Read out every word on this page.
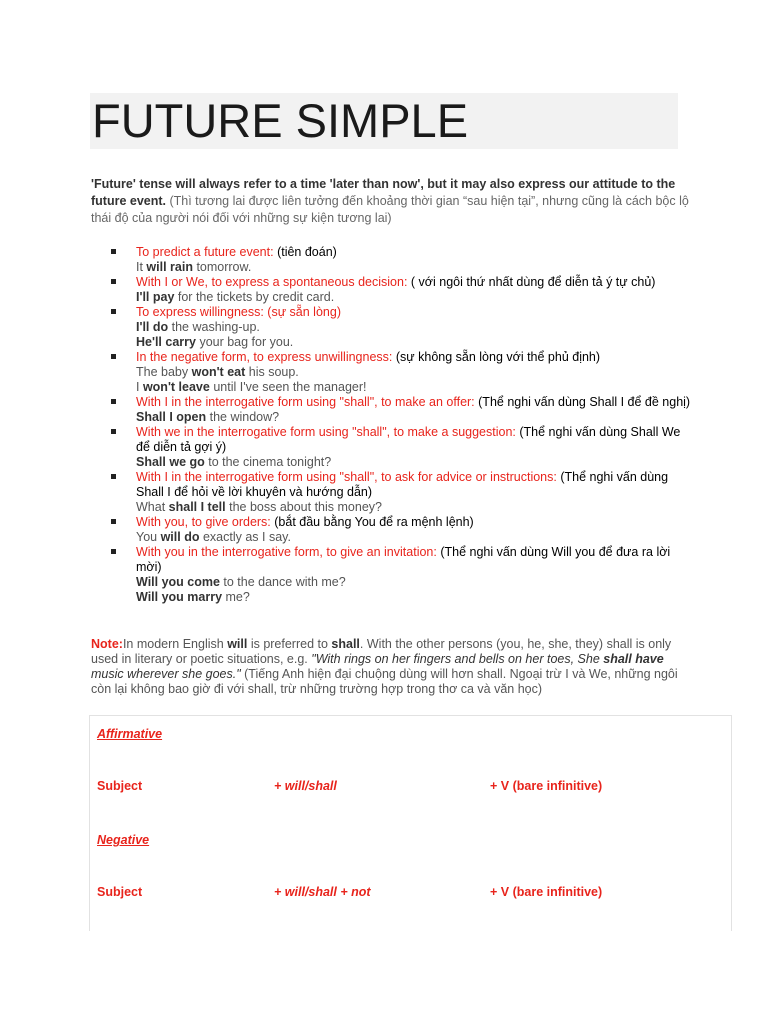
FUTURE SIMPLE

'Future' tense will always refer to a time 'later than now', but it may also express our attitude to the future event. (Thì tương lai được liên tưởng đến khoảng thời gian “sau hiện tại”, nhưng cũng là cách bộc lộ thái độ của người nói đối với những sự kiện tương lai)

To predict a future event: (tiên đoán)
It will rain tomorrow.
With I or We, to express a spontaneous decision: ( với ngôi thứ nhất dùng để diễn tả ý tự chủ)
I'll pay for the tickets by credit card.
To express willingness: (sự sẵn lòng)
I'll do the washing-up.
He'll carry your bag for you.
In the negative form, to express unwillingness: (sự không sẵn lòng với thể phủ định)
The baby won't eat his soup.
I won't leave until I've seen the manager!
With I in the interrogative form using "shall", to make an offer: (Thể nghi vấn dùng Shall I để đề nghị)
Shall I open the window?
With we in the interrogative form using "shall", to make a suggestion: (Thể nghi vấn dùng Shall We để diễn tả gợi ý)
Shall we go to the cinema tonight?
With I in the interrogative form using "shall", to ask for advice or instructions: (Thể nghi vấn dùng Shall I để hỏi về lời khuyên và hướng dẫn)
What shall I tell the boss about this money?
With you, to give orders: (bắt đầu bằng You để ra mệnh lệnh)
You will do exactly as I say.
With you in the interrogative form, to give an invitation: (Thể nghi vấn dùng Will you để đưa ra lời mời)
Will you come to the dance with me?
Will you marry me?

Note:In modern English will is preferred to shall. With the other persons (you, he, she, they) shall is only used in literary or poetic situations, e.g. "With rings on her fingers and bells on her toes, She shall have music wherever she goes." (Tiếng Anh hiện đại chuộng dùng will hơn shall. Ngoại trừ I và We, những ngôi còn lại không bao giờ đi với shall, trừ những trường hợp trong thơ ca và văn học)

Affirmative
Subject	+ will/shall	+ V (bare infinitive)
Negative
Subject	+ will/shall + not	+ V (bare infinitive)
